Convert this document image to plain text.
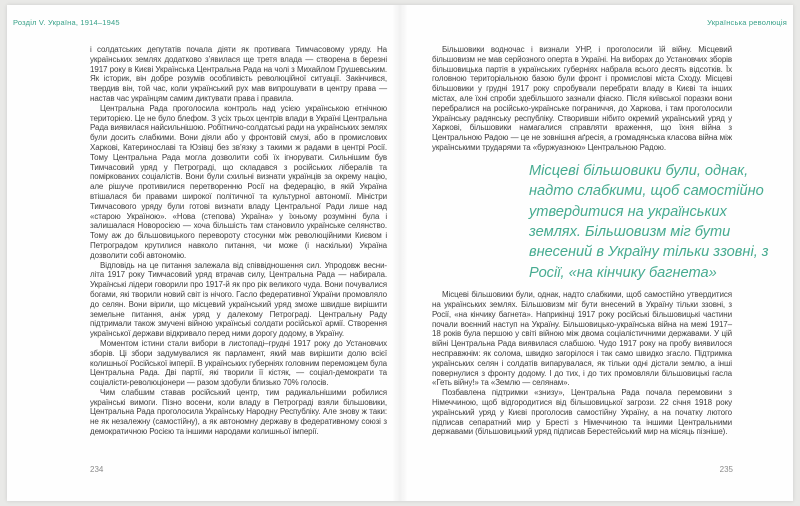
Розділ V. Україна, 1914–1945

і солдатських депутатів почала діяти як противага Тимчасовому уряду. На українських землях додатково з’явилася ще третя влада — створена в березні 1917 року в Києві Українська Центральна Рада на чолі з Михайлом Грушевським. Як історик, він добре розумів особливість революційної ситуації. Закінчився, твердив він, той час, коли український рух мав випрошувати в центру права — настав час українцям самим диктувати права і правила.

Центральна Рада проголосила контроль над усією українською етнічною територією. Це не було блефом. З усіх трьох центрів влади в Україні Центральна Рада виявилася найсильнішою. Робітничо-солдатські ради на українських землях були досить слабкими. Вони діяли або у фронтовій смузі, або в промислових Харкові, Катеринославі та Юзівці без зв’язку з такими ж радами в центрі Росії. Тому Центральна Рада могла дозволити собі їх ігнорувати. Сильнішим був Тимчасовий уряд у Петрограді, що складався з російських лібералів та поміркованих соціалістів. Вони були схильні визнати українців за окрему націю, але рішуче противилися перетворенню Росії на федерацію, в якій Україна втішалася би правами широкої політичної та культурної автономії. Міністри Тимчасового уряду були готові визнати владу Центральної Ради лише над «старою Україною». «Нова (степова) Україна» у їхньому розумінні була і залишалася Новоросією — хоча більшість там становило українське селянство. Тому аж до більшовицького перевороту стосунки між революційними Києвом і Петроградом крутилися навколо питання, чи може (і наскільки) Україна дозволити собі автономію.

Відповідь на це питання залежала від співвідношення сил. Упродовж весни-літа 1917 року Тимчасовий уряд втрачав силу, Центральна Рада — набирала. Українські лідери говорили про 1917-й як про рік великого чуда. Вони почувалися богами, які творили новий світ із нічого. Гасло федеративної України промовляло до селян. Вони вірили, що місцевий український уряд зможе швидше вирішити земельне питання, аніж уряд у далекому Петрограді. Центральну Раду підтримали також змучені війною українські солдати російської армії. Створення української держави відкривало перед ними дорогу додому, в Україну.

Моментом істини стали вибори в листопаді–грудні 1917 року до Установчих зборів. Ці збори задумувалися як парламент, який мав вирішити долю всієї колишньої Російської імперії. В українських губерніях головним переможцем була Центральна Рада. Дві партії, які творили її кістяк, — соціал-демократи та соціалісти-революціонери — разом здобули близько 70% голосів.

Чим слабшим ставав російський центр, тим радикальнішими робилися українські вимоги. Пізно восени, коли владу в Петрограді взяли більшовики, Центральна Рада проголосила Українську Народну Республіку. Але знову ж таки: не як незалежну (самостійну), а як автономну державу в федеративному союзі з демократичною Росією та іншими народами колишньої імперії.

234
Українська революція

Більшовики водночас і визнали УНР, і проголосили їй війну. Місцевий більшовизм не мав серйозного оперта в Україні. На виборах до Установчих зборів більшовицька партія в українських губерніях набрала всього десять відсотків. Їх головною територіальною базою були фронт і промислові міста Сходу. Місцеві більшовики у грудні 1917 року спробували перебрати владу в Києві та інших містах, але їхні спроби здебільшого зазнали фіаско. Після київської поразки вони перебралися на російсько-українське пограниччя, до Харкова, і там проголосили Українську радянську республіку. Створивши нібито окремий український уряд у Харкові, більшовики намагалися справляти враження, що їхня війна з Центральною Радою — це не зовнішня аґресія, а громадянська класова війна між українськими трударями та «буржуазною» Центральною Радою.

Місцеві більшовики були, однак, надто слабкими, щоб самостійно утвердитися на українських землях. Більшовизм міг бути внесений в Україну тільки ззовні, з Росії, «на кінчику багнета»

Місцеві більшовики були, однак, надто слабкими, щоб самостійно утвердитися на українських землях. Більшовизм міг бути внесений в Україну тільки ззовні, з Росії, «на кінчику багнета». Наприкінці 1917 року російські більшовицькі частини почали воєнний наступ на Україну. Більшовицько-українська війна на межі 1917–18 років була першою у світі війною між двома соціалістичними державами. У цій війні Центральна Рада виявилася слабшою. Чудо 1917 року на пробу виявилося несправжнім: як солома, швидко загорілося і так само швидко згасло. Підтримка українських селян і солдатів випарувалася, як тільки одні дістали землю, а інші повернулися з фронту додому. І до тих, і до тих промовляли більшовицькі гасла «Геть війну!» та «Землю — селянам».

Позбавлена підтримки «знизу», Центральна Рада почала перемовини з Німеччиною, щоб відгородитися від більшовицької загрози. 22 січня 1918 року український уряд у Києві проголосив самостійну Україну, а на початку лютого підписав сепаратний мир у Бресті з Німеччиною та іншими Центральними державами (більшовицький уряд підписав Берестейський мир на місяць пізніше).

235
